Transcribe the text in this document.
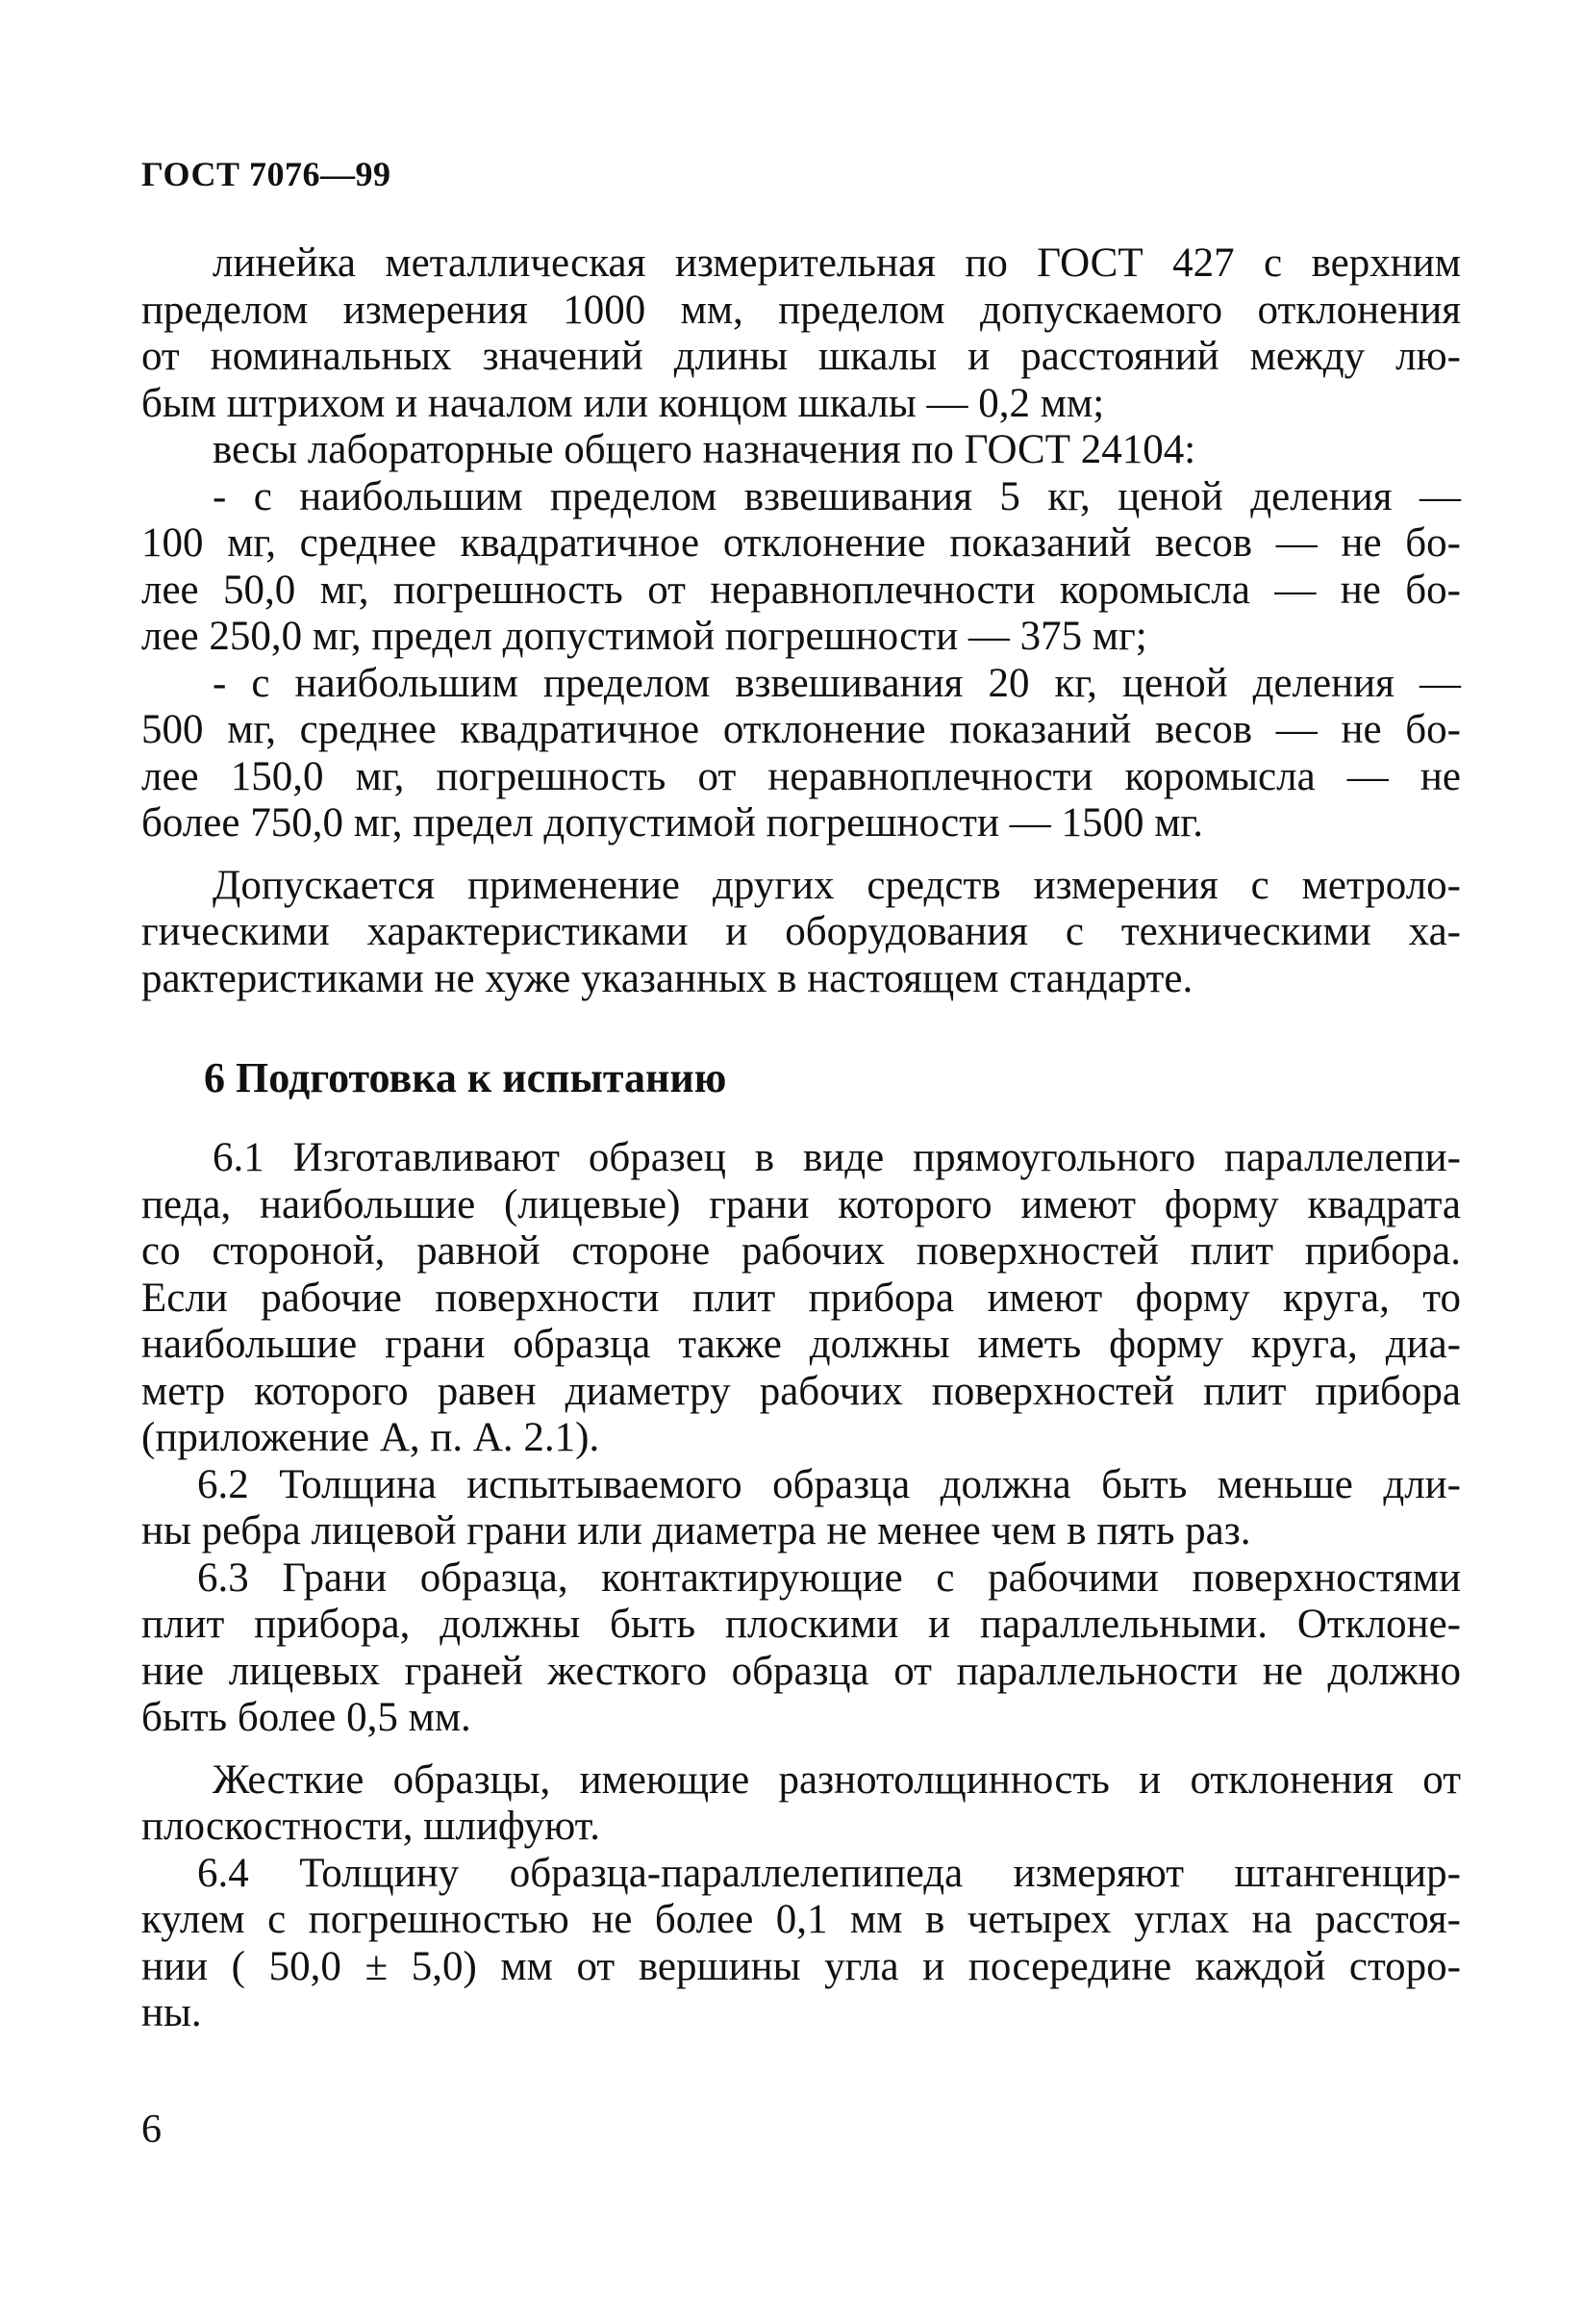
ГОСТ 7076—99
линейка металлическая измерительная по ГОСТ 427 с верхним
пределом измерения 1000 мм, пределом допускаемого отклонения
от номинальных значений длины шкалы и расстояний между лю-
бым штрихом и началом или концом шкалы — 0,2 мм;
весы лабораторные общего назначения по ГОСТ 24104:
- с наибольшим пределом взвешивания 5 кг, ценой деления —
100 мг, среднее квадратичное отклонение показаний весов — не бо-
лее 50,0 мг, погрешность от неравноплечности коромысла — не бо-
лее 250,0 мг, предел допустимой погрешности — 375 мг;
- с наибольшим пределом взвешивания 20 кг, ценой деления —
500 мг, среднее квадратичное отклонение показаний весов — не бо-
лее 150,0 мг, погрешность от неравноплечности коромысла — не
более 750,0 мг, предел допустимой погрешности — 1500 мг.
Допускается применение других средств измерения с метроло-
гическими характеристиками и оборудования с техническими ха-
рактеристиками не хуже указанных в настоящем стандарте.
6 Подготовка к испытанию
6.1 Изготавливают образец в виде прямоугольного параллелепи-
педа, наибольшие (лицевые) грани которого имеют форму квадрата
со стороной, равной стороне рабочих поверхностей плит прибора.
Если рабочие поверхности плит прибора имеют форму круга, то
наибольшие грани образца также должны иметь форму круга, диа-
метр которого равен диаметру рабочих поверхностей плит прибора
(приложение А, п. А. 2.1).
6.2 Толщина испытываемого образца должна быть меньше дли-
ны ребра лицевой грани или диаметра не менее чем в пять раз.
6.3 Грани образца, контактирующие с рабочими поверхностями
плит прибора, должны быть плоскими и параллельными. Отклоне-
ние лицевых граней жесткого образца от параллельности не должно
быть более 0,5 мм.
Жесткие образцы, имеющие разнотолщинность и отклонения от
плоскостности, шлифуют.
6.4 Толщину образца-параллелепипеда измеряют штангенцир-
кулем с погрешностью не более 0,1 мм в четырех углах на расстоя-
нии ( 50,0 ± 5,0) мм от вершины угла и посередине каждой сторо-
ны.
6
